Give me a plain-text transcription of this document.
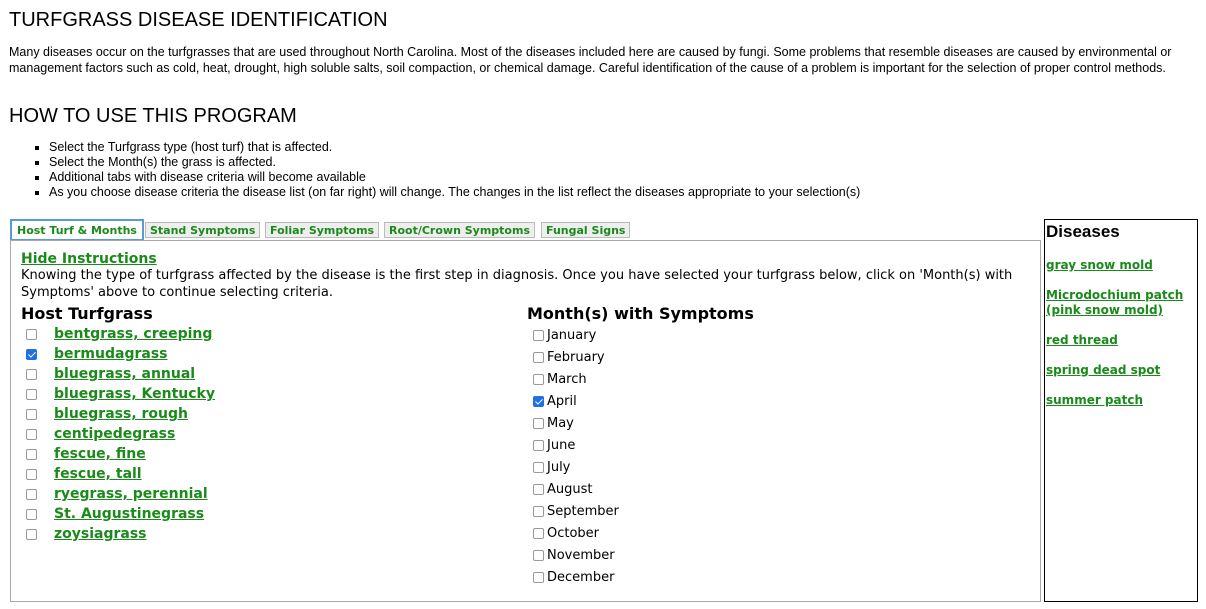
TURFGRASS DISEASE IDENTIFICATION

Many diseases occur on the turfgrasses that are used throughout North Carolina. Most of the diseases included here are caused by fungi. Some problems that resemble diseases are caused by environmental or management factors such as cold, heat, drought, high soluble salts, soil compaction, or chemical damage. Careful identification of the cause of a problem is important for the selection of proper control methods.

HOW TO USE THIS PROGRAM
▪ Select the Turfgrass type (host turf) that is affected.
▪ Select the Month(s) the grass is affected.
▪ Additional tabs with disease criteria will become available
▪ As you choose disease criteria the disease list (on far right) will change. The changes in the list reflect the diseases appropriate to your selection(s)
Host Turf & Months	Stand Symptoms	Foliar Symptoms	Root/Crown Symptoms	Fungal Signs
Hide Instructions

Knowing the type of turfgrass affected by the disease is the first step in diagnosis. Once you have selected your turfgrass below, click on 'Month(s) with Symptoms' above to continue selecting criteria.

Host Turfgrass	Month(s) with Symptoms
bentgrass, creeping
bermudagrass
bluegrass, annual
bluegrass, Kentucky
bluegrass, rough
centipedegrass
fescue, fine
fescue, tall
ryegrass, perennial
St. Augustinegrass
zoysiagrass
January
February
March
April
May
June
July
August
September
October
November
December
Diseases
gray snow mold
Microdochium patch (pink snow mold)
red thread
spring dead spot
summer patch
